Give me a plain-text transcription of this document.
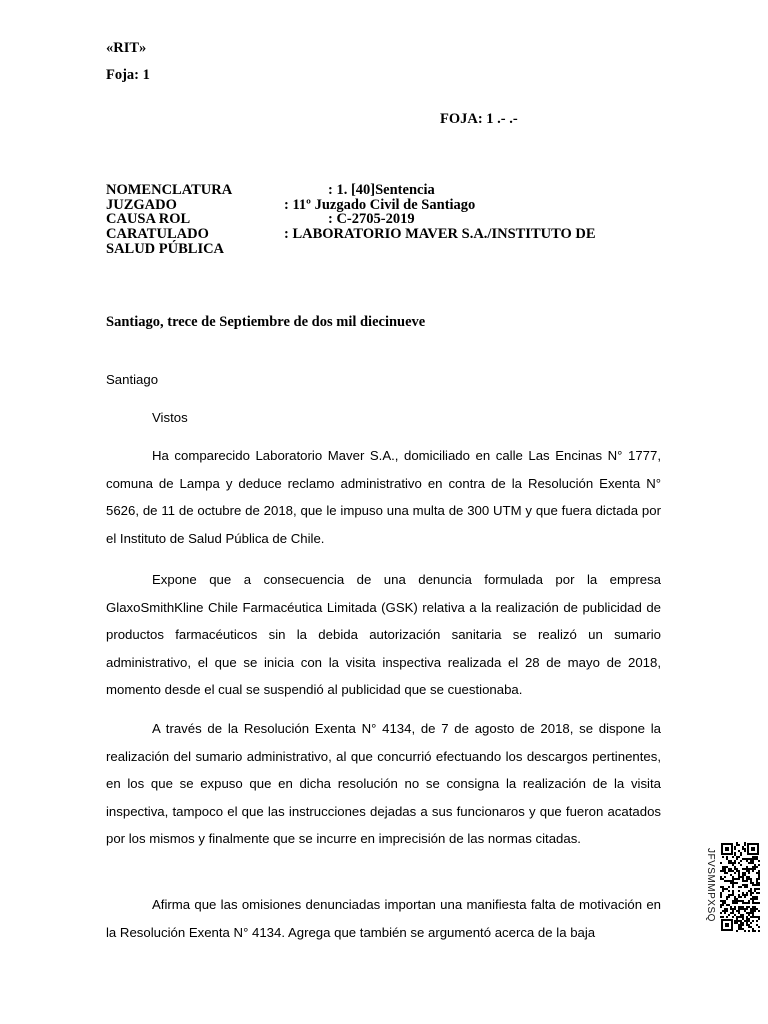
«RIT»
Foja: 1
FOJA: 1 .- .-
NOMENCLATURA	: 1. [40]Sentencia
JUZGADO	: 11º Juzgado Civil de Santiago
CAUSA ROL	: C-2705-2019
CARATULADO	: LABORATORIO MAVER S.A./INSTITUTO DE
SALUD PÚBLICA
Santiago, trece de Septiembre de dos mil diecinueve
Santiago
Vistos

Ha comparecido Laboratorio Maver S.A., domiciliado en calle Las Encinas N° 1777, comuna de Lampa y deduce reclamo administrativo en contra de la Resolución Exenta N° 5626, de 11 de octubre de 2018, que le impuso una multa de 300 UTM y que fuera dictada por el Instituto de Salud Pública de Chile.

Expone que a consecuencia de una denuncia formulada por la empresa GlaxoSmithKline Chile Farmacéutica Limitada (GSK) relativa a la realización de publicidad de productos farmacéuticos sin la debida autorización sanitaria se realizó un sumario administrativo, el que se inicia con la visita inspectiva realizada el 28 de mayo de 2018, momento desde el cual se suspendió al publicidad que se cuestionaba.

A través de la Resolución Exenta N° 4134, de 7 de agosto de 2018, se dispone la realización del sumario administrativo, al que concurrió efectuando los descargos pertinentes, en los que se expuso que en dicha resolución no se consigna la realización de la visita inspectiva, tampoco el que las instrucciones dejadas a sus funcionaros y que fueron acatados por los mismos y finalmente que se incurre en imprecisión de las normas citadas.

Afirma que las omisiones denunciadas importan una manifiesta falta de motivación en la Resolución Exenta N° 4134. Agrega que también se argumentó acerca de la baja

JFVSMMPXSQ
